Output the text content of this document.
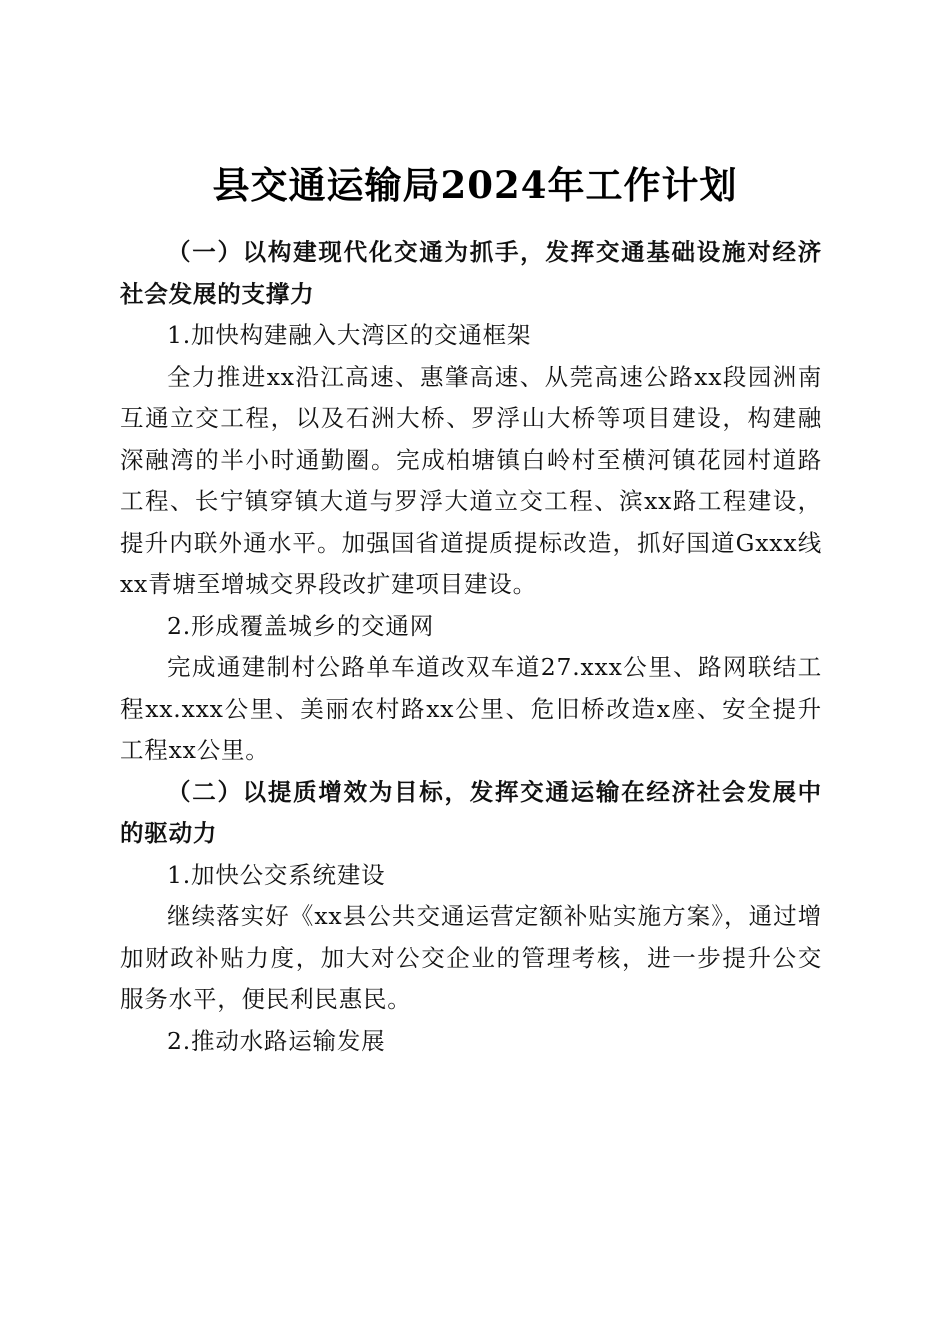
县交通运输局2024年工作计划

（一）以构建现代化交通为抓手，发挥交通基础设施对经济社会发展的支撑力

1.加快构建融入大湾区的交通框架

全力推进xx沿江高速、惠肇高速、从莞高速公路xx段园洲南互通立交工程，以及石洲大桥、罗浮山大桥等项目建设，构建融深融湾的半小时通勤圈。完成柏塘镇白岭村至横河镇花园村道路工程、长宁镇穿镇大道与罗浮大道立交工程、滨xx路工程建设，提升内联外通水平。加强国省道提质提标改造，抓好国道Gxxx线xx青塘至增城交界段改扩建项目建设。

2.形成覆盖城乡的交通网

完成通建制村公路单车道改双车道27.xxx公里、路网联结工程xx.xxx公里、美丽农村路xx公里、危旧桥改造x座、安全提升工程xx公里。

（二）以提质增效为目标，发挥交通运输在经济社会发展中的驱动力

1.加快公交系统建设

继续落实好《xx县公共交通运营定额补贴实施方案》，通过增加财政补贴力度，加大对公交企业的管理考核，进一步提升公交服务水平，便民利民惠民。

2.推动水路运输发展
